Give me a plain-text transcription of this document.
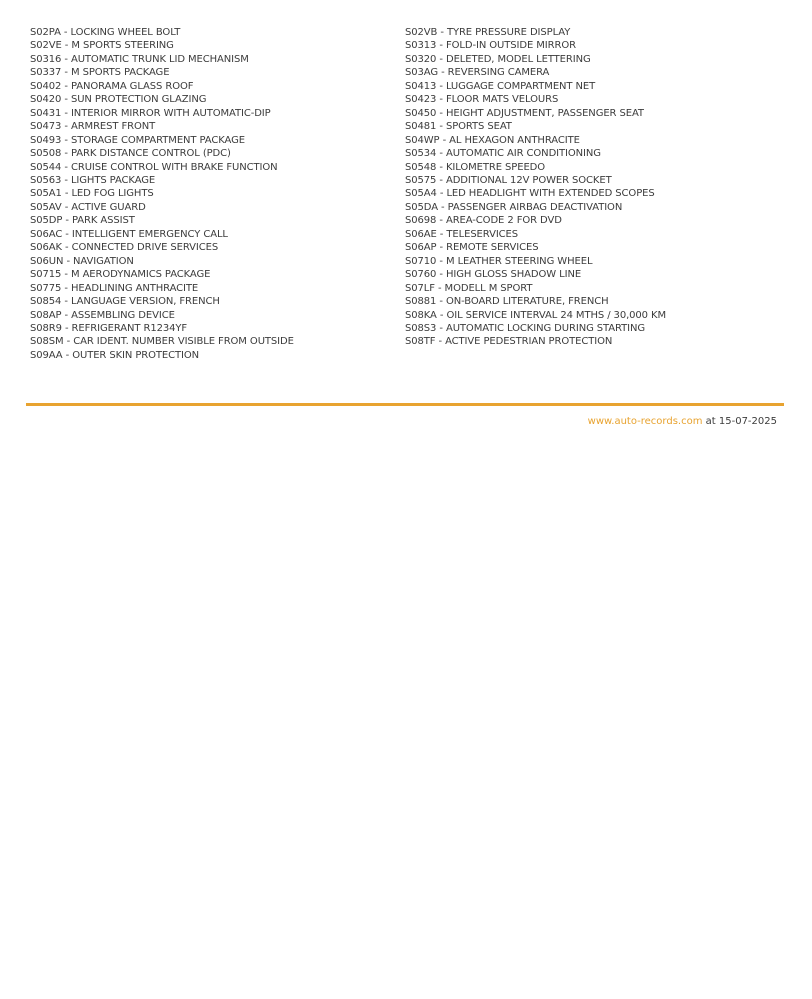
S02PA - LOCKING WHEEL BOLT
S02VE - M SPORTS STEERING
S0316 - AUTOMATIC TRUNK LID MECHANISM
S0337 - M SPORTS PACKAGE
S0402 - PANORAMA GLASS ROOF
S0420 - SUN PROTECTION GLAZING
S0431 - INTERIOR MIRROR WITH AUTOMATIC-DIP
S0473 - ARMREST FRONT
S0493 - STORAGE COMPARTMENT PACKAGE
S0508 - PARK DISTANCE CONTROL (PDC)
S0544 - CRUISE CONTROL WITH BRAKE FUNCTION
S0563 - LIGHTS PACKAGE
S05A1 - LED FOG LIGHTS
S05AV - ACTIVE GUARD
S05DP - PARK ASSIST
S06AC - INTELLIGENT EMERGENCY CALL
S06AK - CONNECTED DRIVE SERVICES
S06UN - NAVIGATION
S0715 - M AERODYNAMICS PACKAGE
S0775 - HEADLINING ANTHRACITE
S0854 - LANGUAGE VERSION, FRENCH
S08AP - ASSEMBLING DEVICE
S08R9 - REFRIGERANT R1234YF
S08SM - CAR IDENT. NUMBER VISIBLE FROM OUTSIDE
S09AA - OUTER SKIN PROTECTION
S02VB - TYRE PRESSURE DISPLAY
S0313 - FOLD-IN OUTSIDE MIRROR
S0320 - DELETED, MODEL LETTERING
S03AG - REVERSING CAMERA
S0413 - LUGGAGE COMPARTMENT NET
S0423 - FLOOR MATS VELOURS
S0450 - HEIGHT ADJUSTMENT, PASSENGER SEAT
S0481 - SPORTS SEAT
S04WP - AL HEXAGON ANTHRACITE
S0534 - AUTOMATIC AIR CONDITIONING
S0548 - KILOMETRE SPEEDO
S0575 - ADDITIONAL 12V POWER SOCKET
S05A4 - LED HEADLIGHT WITH EXTENDED SCOPES
S05DA - PASSENGER AIRBAG DEACTIVATION
S0698 - AREA-CODE 2 FOR DVD
S06AE - TELESERVICES
S06AP - REMOTE SERVICES
S0710 - M LEATHER STEERING WHEEL
S0760 - HIGH GLOSS SHADOW LINE
S07LF - MODELL M SPORT
S0881 - ON-BOARD LITERATURE, FRENCH
S08KA - OIL SERVICE INTERVAL 24 MTHS / 30,000 KM
S08S3 - AUTOMATIC LOCKING DURING STARTING
S08TF - ACTIVE PEDESTRIAN PROTECTION
www.auto-records.com at 15-07-2025
otomoto
